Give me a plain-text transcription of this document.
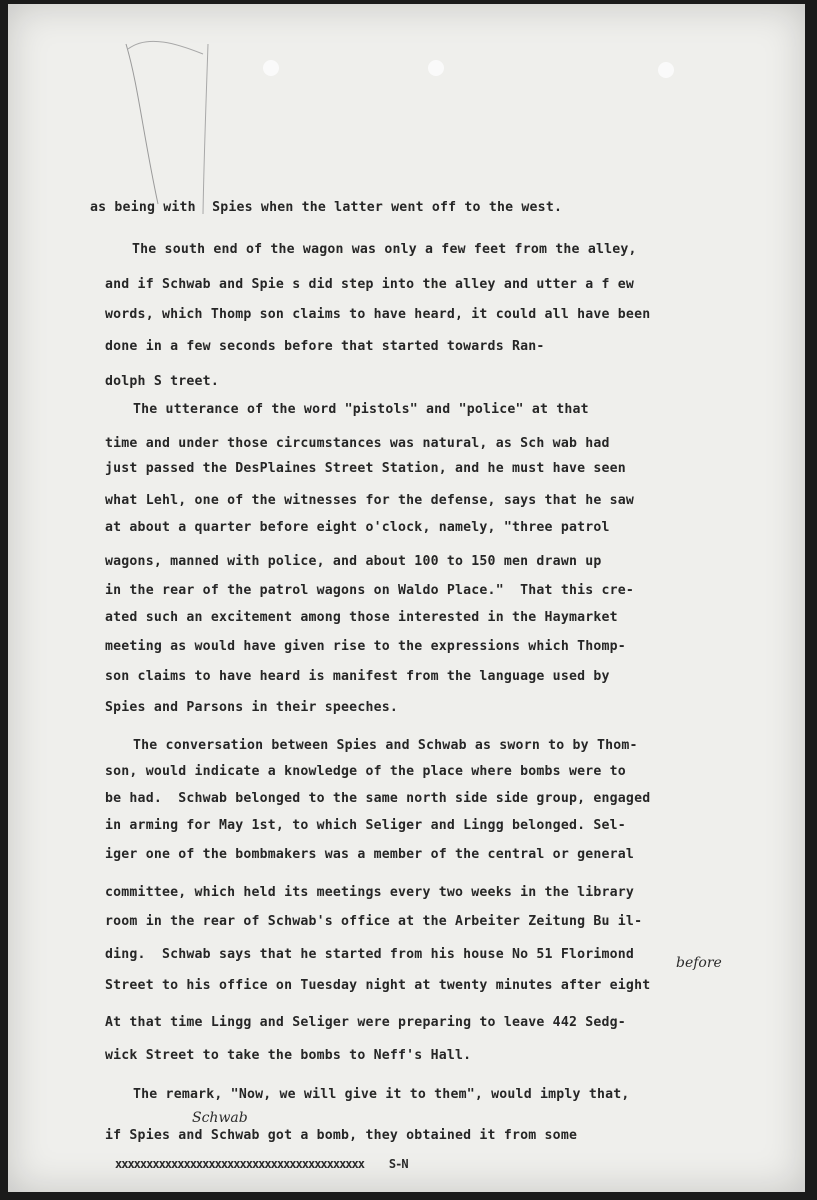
as being with  Spies when the latter went off to the west.

The south end of the wagon was only a few feet from the alley,

and if Schwab and Spie s did step into the alley and utter a f ew

words, which Thomp son claims to have heard, it could all have been

done in a few seconds before that started towards Ran-

dolph S treet.

The utterance of the word "pistols" and "police" at that

time and under those circumstances was natural, as Sch wab had

just passed the DesPlaines Street Station, and he must have seen

what Lehl, one of the witnesses for the defense, says that he saw

at about a quarter before eight o'clock, namely, "three patrol

wagons, manned with police, and about 100 to 150 men drawn up

in the rear of the patrol wagons on Waldo Place."  That this cre-

ated such an excitement among those interested in the Haymarket

meeting as would have given rise to the expressions which Thomp-

son claims to have heard is manifest from the language used by

Spies and Parsons in their speeches.

The conversation between Spies and Schwab as sworn to by Thom-

son, would indicate a knowledge of the place where bombs were to

be had.  Schwab belonged to the same north side side group, engaged

in arming for May 1st, to which Seliger and Lingg belonged. Sel-

iger one of the bombmakers was a member of the central or general

committee, which held its meetings every two weeks in the library

room in the rear of Schwab's office at the Arbeiter Zeitung Bu il-

ding.  Schwab says that he started from his house No 51 Florimond

Street to his office on Tuesday night at twenty minutes after eight

At that time Lingg and Seliger were preparing to leave 442 Sedg-

wick Street to take the bombs to Neff's Hall.

The remark, "Now, we will give it to them", would imply that,

if Spies and Schwab got a bomb, they obtained it from some

before
Schwab
xxxxxxxxxxxxxxxxxxxxxxxxxxxxxxxxxxxxxxxx S-N
